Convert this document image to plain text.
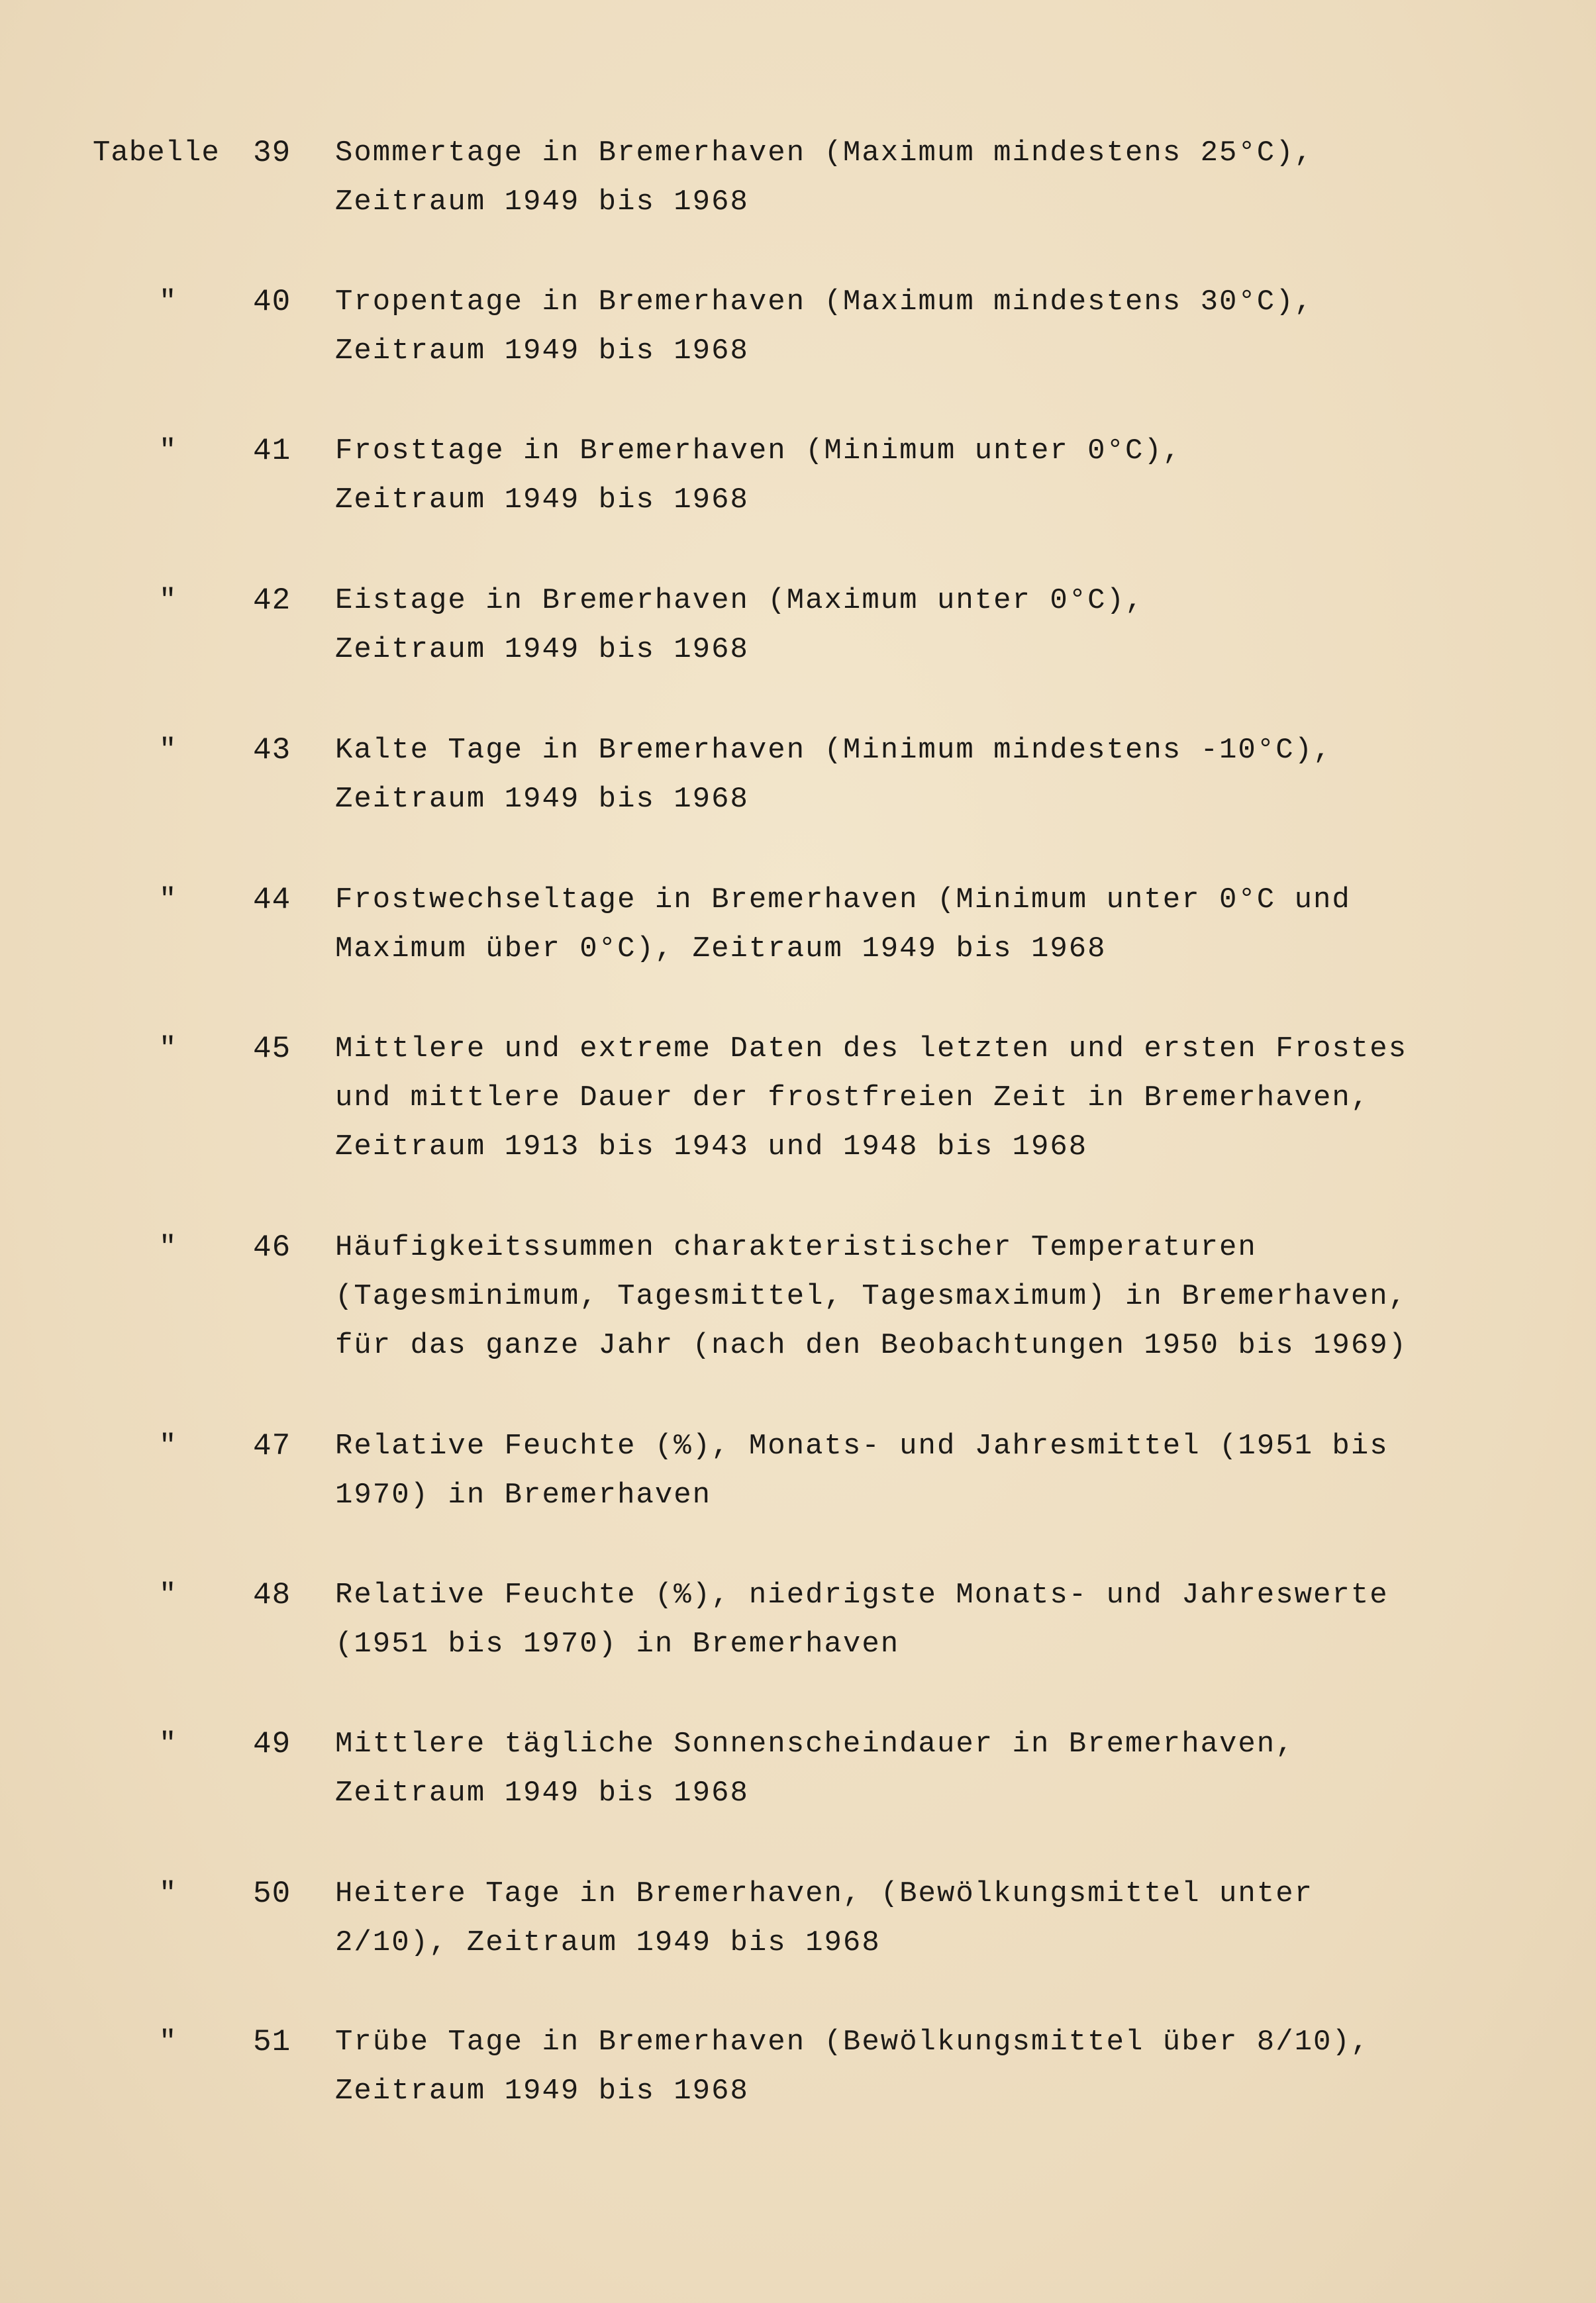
Tabelle 39 Sommertage in Bremerhaven (Maximum mindestens 25°C),
Zeitraum 1949 bis 1968
"	40 Tropentage in Bremerhaven (Maximum mindestens 30°C),
Zeitraum 1949 bis 1968
"	41 Frosttage in Bremerhaven (Minimum unter 0°C),
Zeitraum 1949 bis 1968
"	42 Eistage in Bremerhaven (Maximum unter 0°C),
Zeitraum 1949 bis 1968
"	43 Kalte Tage in Bremerhaven (Minimum mindestens -10°C),
Zeitraum 1949 bis 1968
"	44 Frostwechseltage in Bremerhaven (Minimum unter 0°C und
Maximum über 0°C), Zeitraum 1949 bis 1968
"	45 Mittlere und extreme Daten des letzten und ersten Frostes
und mittlere Dauer der frostfreien Zeit in Bremerhaven,
Zeitraum 1913 bis 1943 und 1948 bis 1968
"	46 Häufigkeitssummen charakteristischer Temperaturen
(Tagesminimum, Tagesmittel, Tagesmaximum) in Bremerhaven,
für das ganze Jahr (nach den Beobachtungen 1950 bis 1969)
"	47 Relative Feuchte (%), Monats- und Jahresmittel (1951 bis
1970) in Bremerhaven
"	48 Relative Feuchte (%), niedrigste Monats- und Jahreswerte
(1951 bis 1970) in Bremerhaven
"	49 Mittlere tägliche Sonnenscheindauer in Bremerhaven,
Zeitraum 1949 bis 1968
"	50 Heitere Tage in Bremerhaven, (Bewölkungsmittel unter
2/10), Zeitraum 1949 bis 1968
"	51 Trübe Tage in Bremerhaven (Bewölkungsmittel über 8/10),
Zeitraum 1949 bis 1968
